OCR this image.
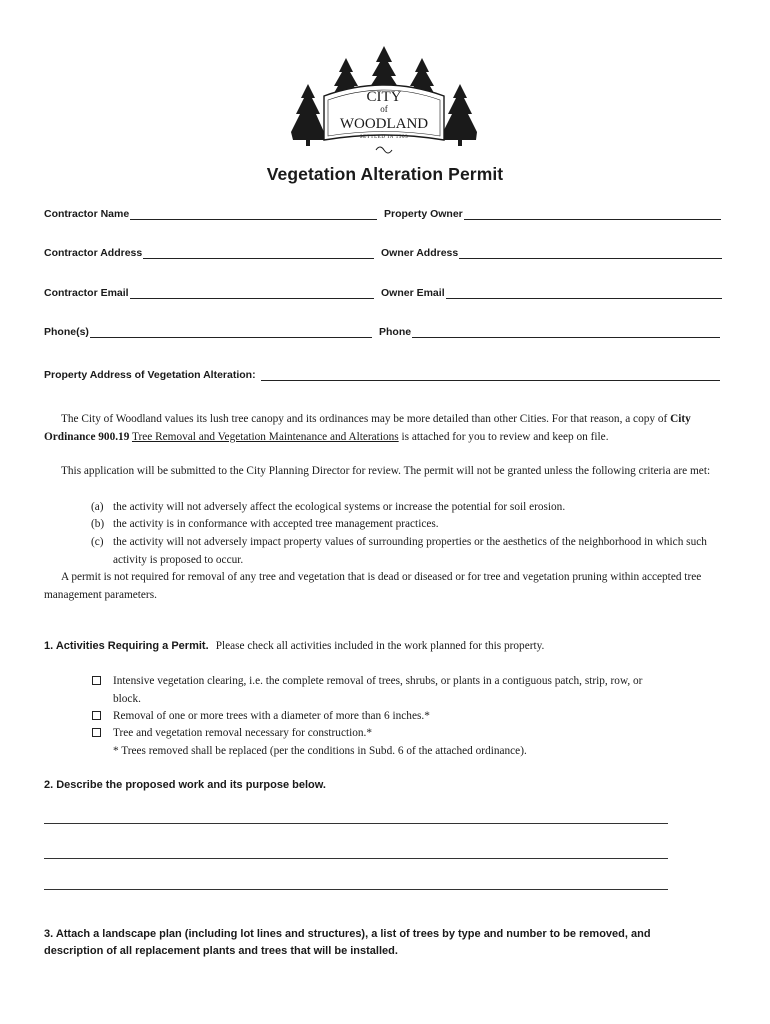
CITY
of
WOODLAND
SETTLED IN 1903
Vegetation Alteration Permit
Contractor Name	Property Owner
Contractor Address	Owner Address
Contractor Email	Owner Email
Phone(s)	Phone
Property Address of Vegetation Alteration:
The City of Woodland values its lush tree canopy and its ordinances may be more detailed than other Cities. For that reason, a copy of City Ordinance 900.19 Tree Removal and Vegetation Maintenance and Alterations is attached for you to review and keep on file.
This application will be submitted to the City Planning Director for review. The permit will not be granted unless the following criteria are met:
(a) the activity will not adversely affect the ecological systems or increase the potential for soil erosion.
(b) the activity is in conformance with accepted tree management practices.
(c) the activity will not adversely impact property values of surrounding properties or the aesthetics of the neighborhood in which such activity is proposed to occur.
A permit is not required for removal of any tree and vegetation that is dead or diseased or for tree and vegetation pruning within accepted tree management parameters.
1. Activities Requiring a Permit. Please check all activities included in the work planned for this property.
Intensive vegetation clearing, i.e. the complete removal of trees, shrubs, or plants in a contiguous patch, strip, row, or block.
Removal of one or more trees with a diameter of more than 6 inches.*
Tree and vegetation removal necessary for construction.*
* Trees removed shall be replaced (per the conditions in Subd. 6 of the attached ordinance).
2. Describe the proposed work and its purpose below.
3. Attach a landscape plan (including lot lines and structures), a list of trees by type and number to be removed, and description of all replacement plants and trees that will be installed.
